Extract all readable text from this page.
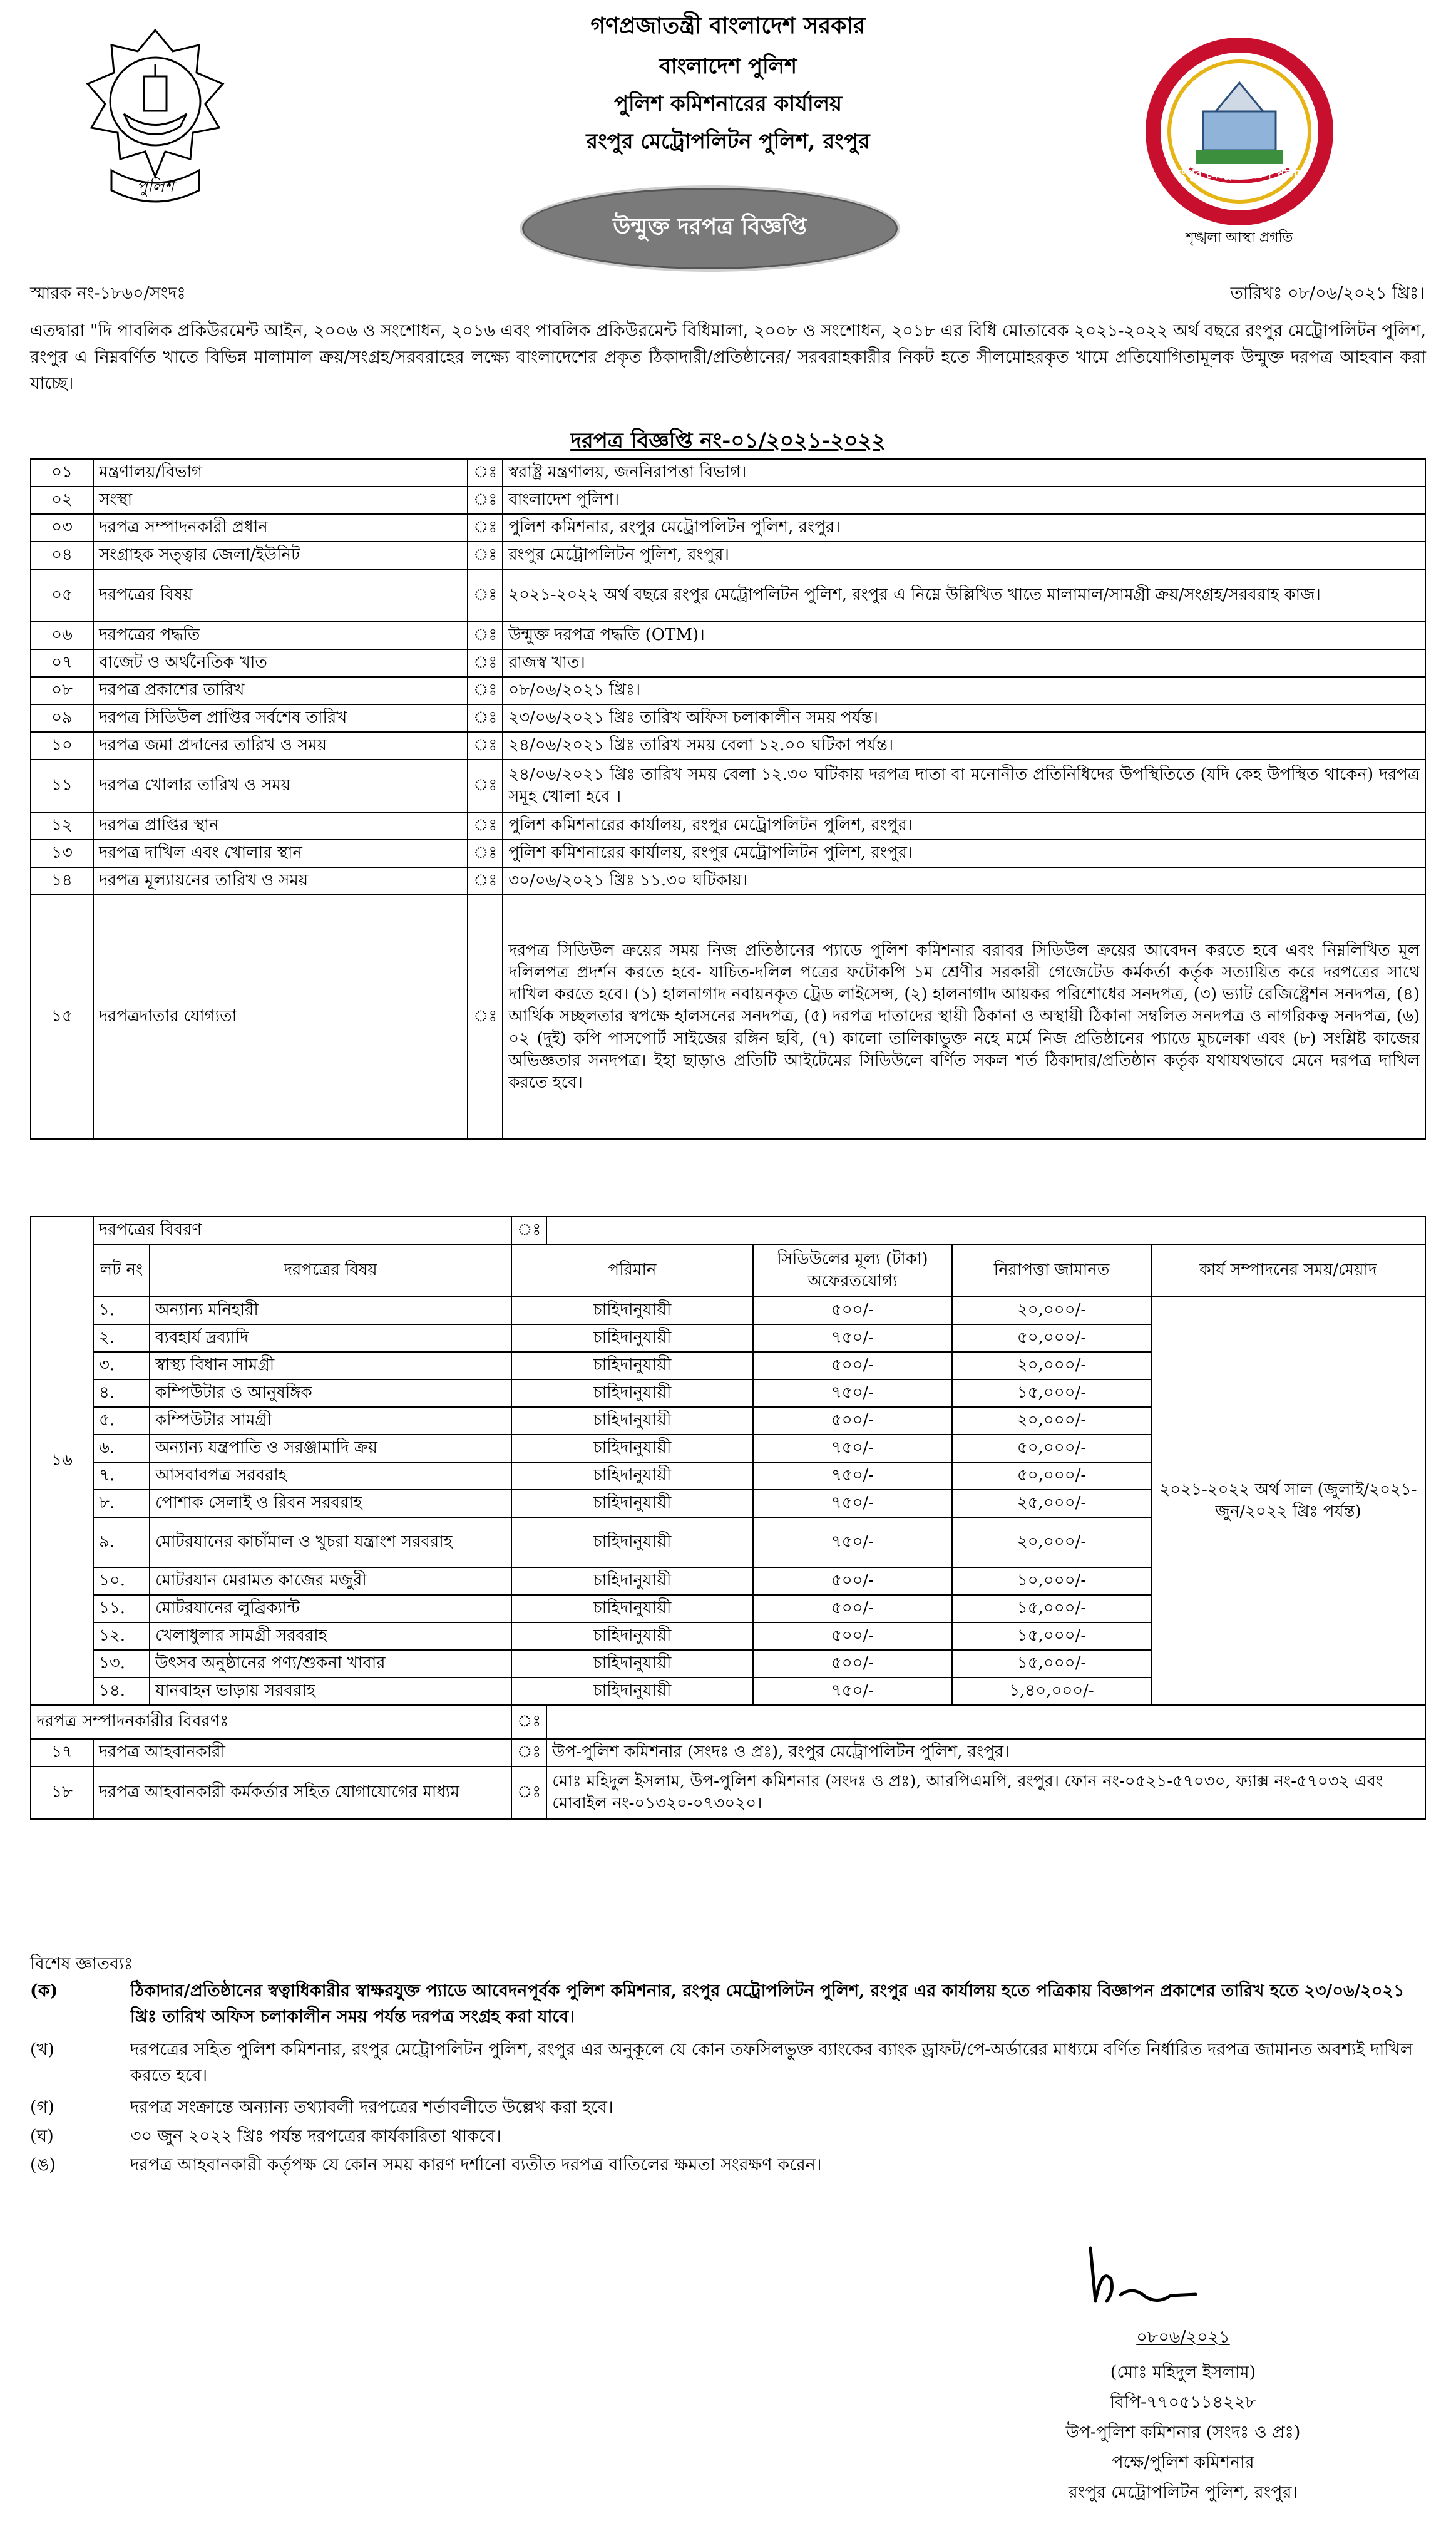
পুলিশ
গণপ্রজাতন্ত্রী বাংলাদেশ সরকার
বাংলাদেশ পুলিশ
পুলিশ কমিশনারের কার্যালয়
রংপুর মেট্রোপলিটন পুলিশ, রংপুর
উন্মুক্ত দরপত্র বিজ্ঞপ্তি
রংপুর মেট্রোপলিটন পুলিশ
শৃঙ্খলা আস্থা প্রগতি
স্মারক নং-১৮৬০/সংদঃ	তারিখঃ ০৮/০৬/২০২১ খ্রিঃ।
এতদ্বারা "দি পাবলিক প্রকিউরমেন্ট আইন, ২০০৬ ও সংশোধন, ২০১৬ এবং পাবলিক প্রকিউরমেন্ট বিধিমালা, ২০০৮ ও সংশোধন, ২০১৮ এর বিধি মোতাবেক ২০২১-২০২২ অর্থ বছরে রংপুর মেট্রোপলিটন পুলিশ, রংপুর এ নিম্নবর্ণিত খাতে বিভিন্ন মালামাল ক্রয়/সংগ্রহ/সরবরাহের লক্ষ্যে বাংলাদেশের প্রকৃত ঠিকাদারী/প্রতিষ্ঠানের/ সরবরাহকারীর নিকট হতে সীলমোহরকৃত খামে প্রতিযোগিতামূলক উন্মুক্ত দরপত্র আহবান করা যাচ্ছে।
দরপত্র বিজ্ঞপ্তি নং-০১/২০২১-২০২২
০১	মন্ত্রণালয়/বিভাগ	ঃ	স্বরাষ্ট্র মন্ত্রণালয়, জননিরাপত্তা বিভাগ।
০২	সংস্থা	ঃ	বাংলাদেশ পুলিশ।
০৩	দরপত্র সম্পাদনকারী প্রধান	ঃ	পুলিশ কমিশনার, রংপুর মেট্রোপলিটন পুলিশ, রংপুর।
০৪	সংগ্রাহক সত্ত্বার জেলা/ইউনিট	ঃ	রংপুর মেট্রোপলিটন পুলিশ, রংপুর।
০৫	দরপত্রের বিষয়	ঃ	২০২১-২০২২ অর্থ বছরে রংপুর মেট্রোপলিটন পুলিশ, রংপুর এ নিম্নে উল্লিখিত খাতে মালামাল/সামগ্রী ক্রয়/সংগ্রহ/সরবরাহ কাজ।
০৬	দরপত্রের পদ্ধতি	ঃ	উন্মুক্ত দরপত্র পদ্ধতি (OTM)।
০৭	বাজেট ও অর্থনৈতিক খাত	ঃ	রাজস্ব খাত।
০৮	দরপত্র প্রকাশের তারিখ	ঃ	০৮/০৬/২০২১ খ্রিঃ।
০৯	দরপত্র সিডিউল প্রাপ্তির সর্বশেষ তারিখ	ঃ	২৩/০৬/২০২১ খ্রিঃ তারিখ অফিস চলাকালীন সময় পর্যন্ত।
১০	দরপত্র জমা প্রদানের তারিখ ও সময়	ঃ	২৪/০৬/২০২১ খ্রিঃ তারিখ সময় বেলা ১২.০০ ঘটিকা পর্যন্ত।
১১	দরপত্র খোলার তারিখ ও সময়	ঃ	২৪/০৬/২০২১ খ্রিঃ তারিখ সময় বেলা ১২.৩০ ঘটিকায় দরপত্র দাতা বা মনোনীত প্রতিনিধিদের উপস্থিতিতে (যদি কেহ উপস্থিত থাকেন) দরপত্র সমূহ খোলা হবে ।
১২	দরপত্র প্রাপ্তির স্থান	ঃ	পুলিশ কমিশনারের কার্যালয়, রংপুর মেট্রোপলিটন পুলিশ, রংপুর।
১৩	দরপত্র দাখিল এবং খোলার স্থান	ঃ	পুলিশ কমিশনারের কার্যালয়, রংপুর মেট্রোপলিটন পুলিশ, রংপুর।
১৪	দরপত্র মূল্যায়নের তারিখ ও সময়	ঃ	৩০/০৬/২০২১ খ্রিঃ ১১.৩০ ঘটিকায়।
১৫	দরপত্রদাতার যোগ্যতা	ঃ	দরপত্র সিডিউল ক্রয়ের সময় নিজ প্রতিষ্ঠানের প্যাডে পুলিশ কমিশনার বরাবর সিডিউল ক্রয়ের আবেদন করতে হবে এবং নিম্নলিখিত মূল দলিলপত্র প্রদর্শন করতে হবে- যাচিত-দলিল পত্রের ফটোকপি ১ম শ্রেণীর সরকারী গেজেটেড কর্মকর্তা কর্তৃক সত্যায়িত করে দরপত্রের সাথে দাখিল করতে হবে। (১) হালনাগাদ নবায়নকৃত ট্রেড লাইসেন্স, (২) হালনাগাদ আয়কর পরিশোধের সনদপত্র, (৩) ভ্যাট রেজিষ্ট্রেশন সনদপত্র, (৪) আর্থিক সচ্ছলতার স্বপক্ষে হালসনের সনদপত্র, (৫) দরপত্র দাতাদের স্থায়ী ঠিকানা ও অস্থায়ী ঠিকানা সম্বলিত সনদপত্র ও নাগরিকত্ব সনদপত্র, (৬) ০২ (দুই) কপি পাসপোর্ট সাইজের রঙ্গিন ছবি, (৭) কালো তালিকাভুক্ত নহে মর্মে নিজ প্রতিষ্ঠানের প্যাডে মুচলেকা এবং (৮) সংশ্লিষ্ট কাজের অভিজ্ঞতার সনদপত্র। ইহা ছাড়াও প্রতিটি আইটেমের সিডিউলে বর্ণিত সকল শর্ত ঠিকাদার/প্রতিষ্ঠান কর্তৃক যথাযথভাবে মেনে দরপত্র দাখিল করতে হবে।
১৬	দরপত্রের বিবরণ		ঃ				
	লট নং	দরপত্রের বিষয়	পরিমান		সিডিউলের মূল্য (টাকা) অফেরতযোগ্য	নিরাপত্তা জামানত	কার্য সম্পাদনের সময়/মেয়াদ
	১.	অন্যান্য মনিহারী	চাহিদানুযায়ী		৫০০/-	২০,০০০/-	২০২১-২০২২ অর্থ সাল (জুলাই/২০২১-জুন/২০২২ খ্রিঃ পর্যন্ত)
	২.	ব্যবহার্য দ্রব্যাদি	চাহিদানুযায়ী		৭৫০/-	৫০,০০০/-	
	৩.	স্বাস্থ্য বিধান সামগ্রী	চাহিদানুযায়ী		৫০০/-	২০,০০০/-	
	৪.	কম্পিউটার ও আনুষঙ্গিক	চাহিদানুযায়ী		৭৫০/-	১৫,০০০/-	
	৫.	কম্পিউটার সামগ্রী	চাহিদানুযায়ী		৫০০/-	২০,০০০/-	
	৬.	অন্যান্য যন্ত্রপাতি ও সরঞ্জামাদি ক্রয়	চাহিদানুযায়ী		৭৫০/-	৫০,০০০/-	
	৭.	আসবাবপত্র সরবরাহ	চাহিদানুযায়ী		৭৫০/-	৫০,০০০/-	
	৮.	পোশাক সেলাই ও রিবন সরবরাহ	চাহিদানুযায়ী		৭৫০/-	২৫,০০০/-	
	৯.	মোটরযানের কাচাঁমাল ও খুচরা যন্ত্রাংশ সরবরাহ	চাহিদানুযায়ী		৭৫০/-	২০,০০০/-	
	১০.	মোটরযান মেরামত কাজের মজুরী	চাহিদানুযায়ী		৫০০/-	১০,০০০/-	
	১১.	মোটরযানের লুব্রিক্যান্ট	চাহিদানুযায়ী		৫০০/-	১৫,০০০/-	
	১২.	খেলাধুলার সামগ্রী সরবরাহ	চাহিদানুযায়ী		৫০০/-	১৫,০০০/-	
	১৩.	উৎসব অনুষ্ঠানের পণ্য/শুকনা খাবার	চাহিদানুযায়ী		৫০০/-	১৫,০০০/-	
	১৪.	যানবাহন ভাড়ায় সরবরাহ	চাহিদানুযায়ী		৭৫০/-	১,৪০,০০০/-	
দরপত্র সম্পাদনকারীর বিবরণঃ			ঃ				
১৭	দরপত্র আহবানকারী		ঃ	উপ-পুলিশ কমিশনার (সংদঃ ও প্রঃ), রংপুর মেট্রোপলিটন পুলিশ, রংপুর।			
১৮	দরপত্র আহবানকারী কর্মকর্তার সহিত যোগাযোগের মাধ্যম		ঃ	মোঃ মহিদুল ইসলাম, উপ-পুলিশ কমিশনার (সংদঃ ও প্রঃ), আরপিএমপি, রংপুর। ফোন নং-০৫২১-৫৭০৩০, ফ্যাক্স নং-৫৭০৩২ এবং মোবাইল নং-০১৩২০-০৭৩০২০।			
বিশেষ জ্ঞাতব্যঃ
(ক)	ঠিকাদার/প্রতিষ্ঠানের স্বত্বাধিকারীর স্বাক্ষরযুক্ত প্যাডে আবেদনপূর্বক পুলিশ কমিশনার, রংপুর মেট্রোপলিটন পুলিশ, রংপুর এর কার্যালয় হতে পত্রিকায় বিজ্ঞাপন প্রকাশের তারিখ হতে ২৩/০৬/২০২১ খ্রিঃ তারিখ অফিস চলাকালীন সময় পর্যন্ত দরপত্র সংগ্রহ করা যাবে।
(খ)	দরপত্রের সহিত পুলিশ কমিশনার, রংপুর মেট্রোপলিটন পুলিশ, রংপুর এর অনুকূলে যে কোন তফসিলভুক্ত ব্যাংকের ব্যাংক ড্রাফট/পে-অর্ডারের মাধ্যমে বর্ণিত নির্ধারিত দরপত্র জামানত অবশ্যই দাখিল করতে হবে।
(গ)	দরপত্র সংক্রান্তে অন্যান্য তথ্যাবলী দরপত্রের শর্তাবলীতে উল্লেখ করা হবে।
(ঘ)	৩০ জুন ২০২২ খ্রিঃ পর্যন্ত দরপত্রের কার্যকারিতা থাকবে।
(ঙ)	দরপত্র আহবানকারী কর্তৃপক্ষ যে কোন সময় কারণ দর্শানো ব্যতীত দরপত্র বাতিলের ক্ষমতা সংরক্ষণ করেন।
০৮০৬/২০২১
(মোঃ মহিদুল ইসলাম)
বিপি-৭৭০৫১১৪২২৮
উপ-পুলিশ কমিশনার (সংদঃ ও প্রঃ)
পক্ষে/পুলিশ কমিশনার
রংপুর মেট্রোপলিটন পুলিশ, রংপুর।
